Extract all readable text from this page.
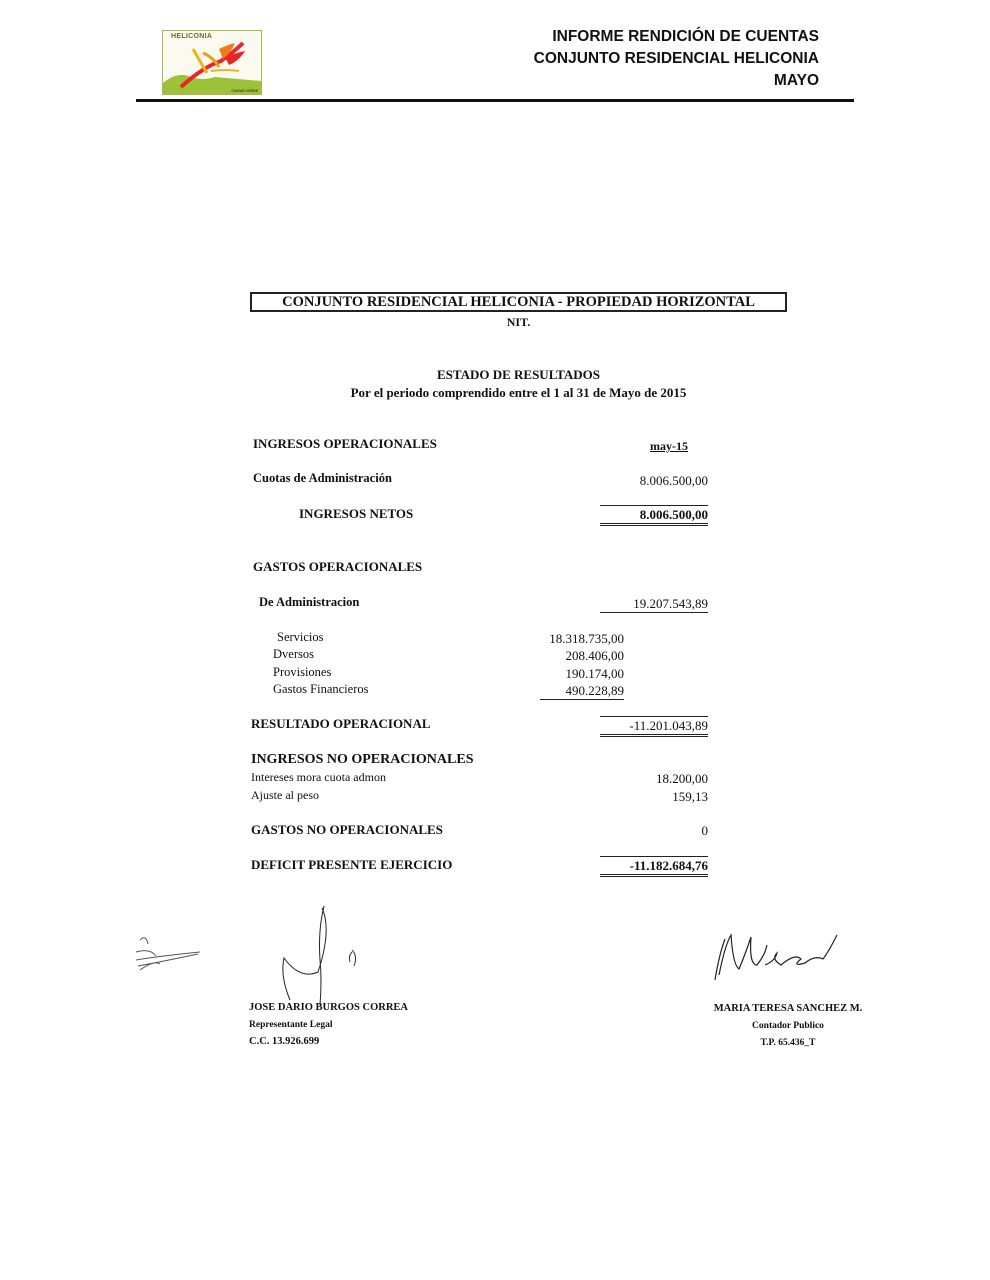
HELICONIA
CIUDAD VERDE
INFORME RENDICIÓN DE CUENTAS
CONJUNTO RESIDENCIAL HELICONIA
MAYO
CONJUNTO RESIDENCIAL HELICONIA - PROPIEDAD HORIZONTAL
NIT.
ESTADO DE RESULTADOS
Por el periodo comprendido entre el 1 al 31 de Mayo de 2015
INGRESOS OPERACIONALES	may-15
Cuotas de Administración	8.006.500,00
INGRESOS NETOS	8.006.500,00
GASTOS OPERACIONALES
De Administracion	19.207.543,89
Servicios	18.318.735,00
Dversos	208.406,00
Provisiones	190.174,00
Gastos Financieros	490.228,89
RESULTADO OPERACIONAL	-11.201.043,89
INGRESOS NO OPERACIONALES
Intereses mora cuota admon	18.200,00
Ajuste al peso	159,13
GASTOS NO OPERACIONALES	0
DEFICIT PRESENTE EJERCICIO	-11.182.684,76
JOSE DARIO BURGOS CORREA
Representante Legal
C.C. 13.926.699
MARIA TERESA SANCHEZ M.
Contador Publico
T.P. 65.436_T
